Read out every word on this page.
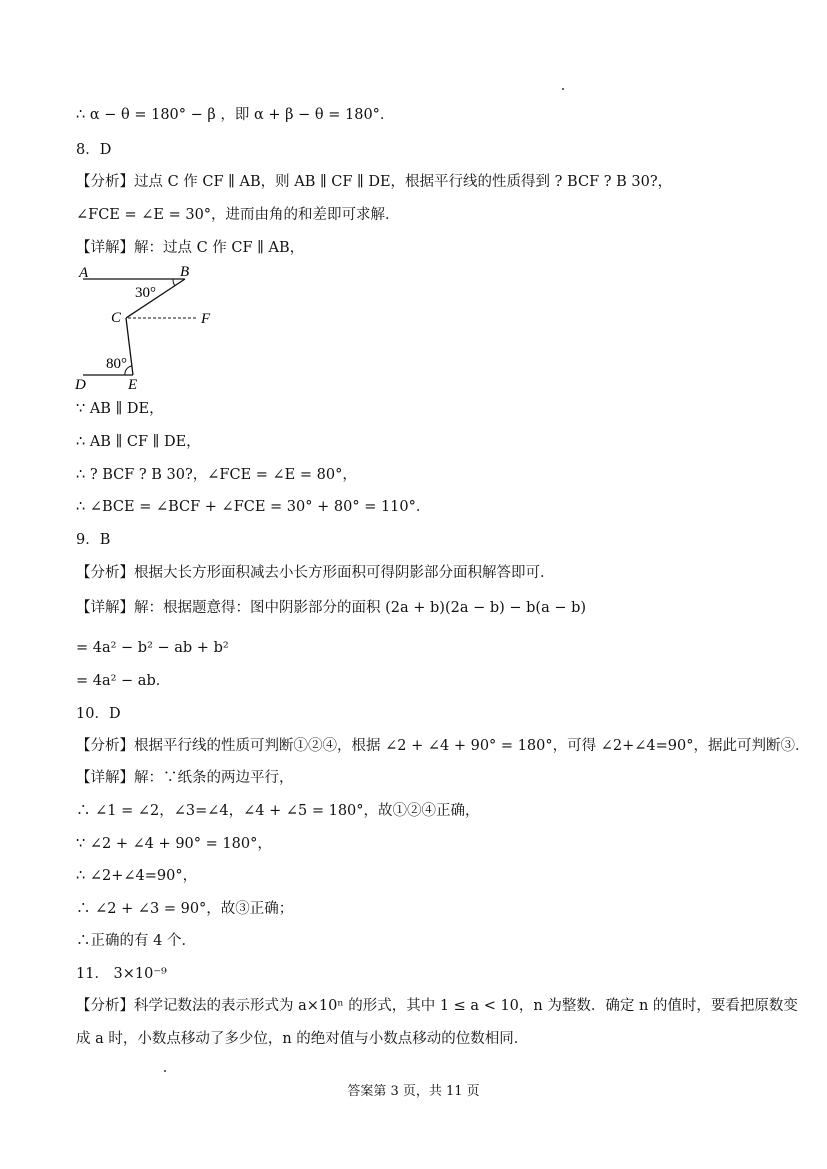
∴ α − θ = 180° − β ，即 α + β − θ = 180°．
8．D
【分析】过点 C 作 CF ∥ AB，则 AB ∥ CF ∥ DE，根据平行线的性质得到 ? BCF ? B 30?，
∠FCE = ∠E = 30°，进而由角的和差即可求解．
【详解】解：过点 C 作 CF ∥ AB，
A	B
C	F
D	E
30°
80°
∵ AB ∥ DE，
∴ AB ∥ CF ∥ DE，
∴ ? BCF ? B 30?，∠FCE = ∠E = 80°，
∴ ∠BCE = ∠BCF + ∠FCE = 30° + 80° = 110°．
9．B
【分析】根据大长方形面积减去小长方形面积可得阴影部分面积解答即可．
【详解】解：根据题意得：图中阴影部分的面积 (2a + b)(2a − b) − b(a − b)
= 4a² − b² − ab + b²
= 4a² − ab．
10．D
【分析】根据平行线的性质可判断①②④，根据 ∠2 + ∠4 + 90° = 180°，可得 ∠2+∠4=90°，据此可判断③．
【详解】解：∵纸条的两边平行，
∴ ∠1 = ∠2，∠3=∠4，∠4 + ∠5 = 180°，故①②④正确，
∵ ∠2 + ∠4 + 90° = 180°，
∴ ∠2+∠4=90°，
∴ ∠2 + ∠3 = 90°，故③正确；
∴正确的有 4 个．
11． 3×10⁻⁹
【分析】科学记数法的表示形式为 a×10ⁿ 的形式，其中 1 ≤ a < 10，n 为整数．确定 n 的值时，要看把原数变
成 a 时，小数点移动了多少位，n 的绝对值与小数点移动的位数相同．
答案第 3 页，共 11 页
